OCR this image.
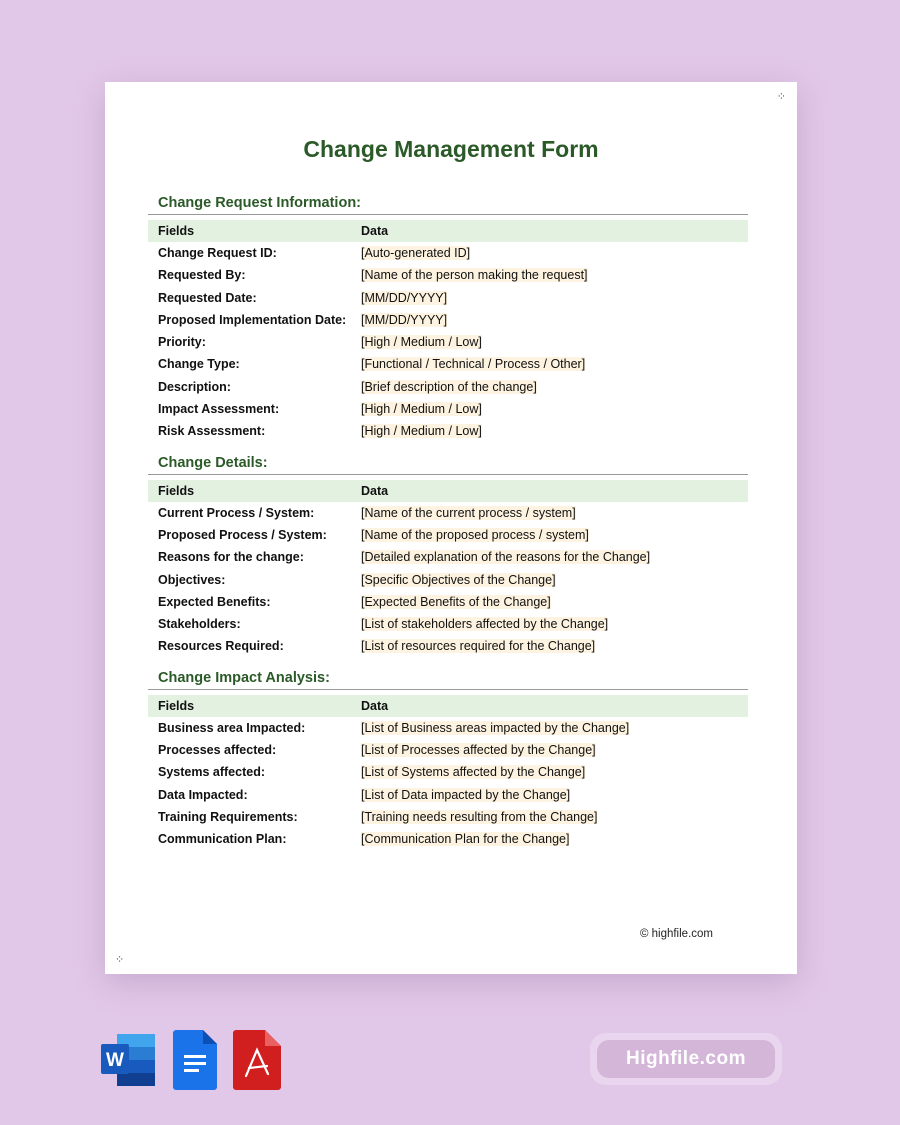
⁘
⁘
Change Management Form
Change Request Information:
Fields	Data
Change Request ID:	[Auto-generated ID]
Requested By:	[Name of the person making the request]
Requested Date:	[MM/DD/YYYY]
Proposed Implementation Date:	[MM/DD/YYYY]
Priority:	[High / Medium / Low]
Change Type:	[Functional / Technical / Process / Other]
Description:	[Brief description of the change]
Impact Assessment:	[High / Medium / Low]
Risk Assessment:	[High / Medium / Low]
Change Details:
Fields	Data
Current Process / System:	[Name of the current process / system]
Proposed Process / System:	[Name of the proposed process / system]
Reasons for the change:	[Detailed explanation of the reasons for the Change]
Objectives:	[Specific Objectives of the Change]
Expected Benefits:	[Expected Benefits of the Change]
Stakeholders:	[List of stakeholders affected by the Change]
Resources Required:	[List of resources required for the Change]
Change Impact Analysis:
Fields	Data
Business area Impacted:	[List of Business areas impacted by the Change]
Processes affected:	[List of Processes affected by the Change]
Systems affected:	[List of Systems affected by the Change]
Data Impacted:	[List of Data impacted by the Change]
Training Requirements:	[Training needs resulting from the Change]
Communication Plan:	[Communication Plan for the Change]
© highfile.com
W	Highfile.com
